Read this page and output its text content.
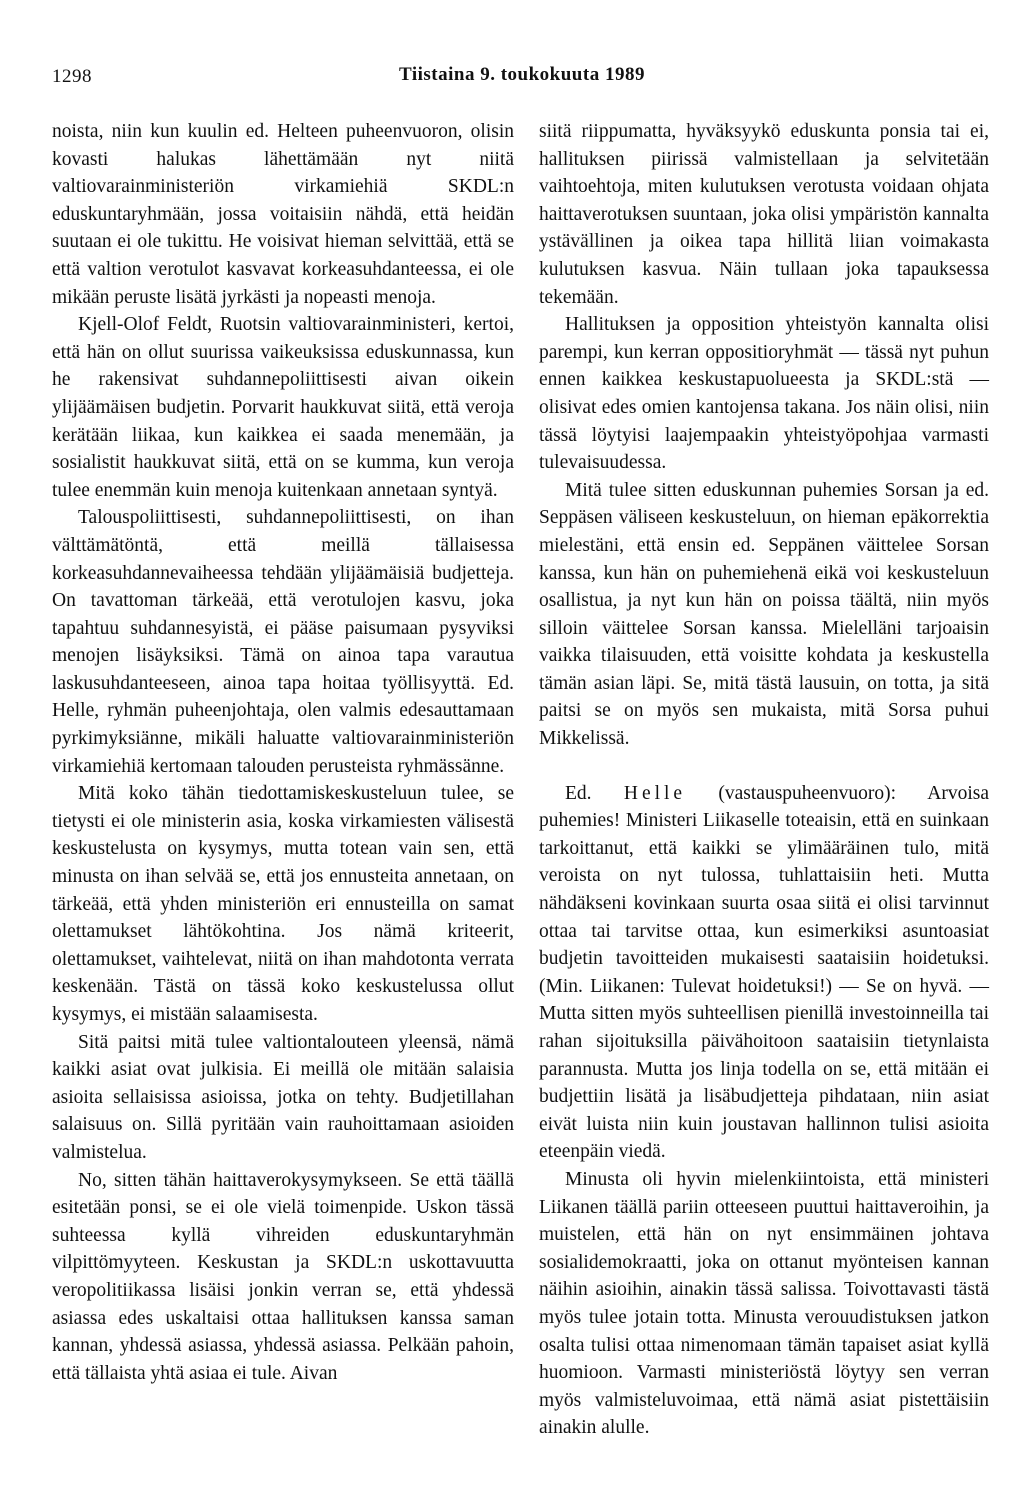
1298	Tiistaina 9. toukokuuta 1989

noista, niin kun kuulin ed. Helteen puheenvuoron, olisin kovasti halukas lähettämään nyt niitä valtiovarainministeriön virkamiehiä SKDL:n eduskuntaryhmään, jossa voitaisiin nähdä, että heidän suutaan ei ole tukittu. He voisivat hieman selvittää, että se että valtion verotulot kasvavat korkeasuhdanteessa, ei ole mikään peruste lisätä jyrkästi ja nopeasti menoja.

Kjell-Olof Feldt, Ruotsin valtiovarainministeri, kertoi, että hän on ollut suurissa vaikeuksissa eduskunnassa, kun he rakensivat suhdannepoliittisesti aivan oikein ylijäämäisen budjetin. Porvarit haukkuvat siitä, että veroja kerätään liikaa, kun kaikkea ei saada menemään, ja sosialistit haukkuvat siitä, että on se kumma, kun veroja tulee enemmän kuin menoja kuitenkaan annetaan syntyä.

Talouspoliittisesti, suhdannepoliittisesti, on ihan välttämätöntä, että meillä tällaisessa korkeasuhdannevaiheessa tehdään ylijäämäisiä budjetteja. On tavattoman tärkeää, että verotulojen kasvu, joka tapahtuu suhdannesyistä, ei pääse paisumaan pysyviksi menojen lisäyksiksi. Tämä on ainoa tapa varautua laskusuhdanteeseen, ainoa tapa hoitaa työllisyyttä. Ed. Helle, ryhmän puheenjohtaja, olen valmis edesauttamaan pyrkimyksiänne, mikäli haluatte valtiovarainministeriön virkamiehiä kertomaan talouden perusteista ryhmässänne.

Mitä koko tähän tiedottamiskeskusteluun tulee, se tietysti ei ole ministerin asia, koska virkamiesten välisestä keskustelusta on kysymys, mutta totean vain sen, että minusta on ihan selvää se, että jos ennusteita annetaan, on tärkeää, että yhden ministeriön eri ennusteilla on samat olettamukset lähtökohtina. Jos nämä kriteerit, olettamukset, vaihtelevat, niitä on ihan mahdotonta verrata keskenään. Tästä on tässä koko keskustelussa ollut kysymys, ei mistään salaamisesta.

Sitä paitsi mitä tulee valtiontalouteen yleensä, nämä kaikki asiat ovat julkisia. Ei meillä ole mitään salaisia asioita sellaisissa asioissa, jotka on tehty. Budjetillahan salaisuus on. Sillä pyritään vain rauhoittamaan asioiden valmistelua.

No, sitten tähän haittaverokysymykseen. Se että täällä esitetään ponsi, se ei ole vielä toimenpide. Uskon tässä suhteessa kyllä vihreiden eduskuntaryhmän vilpittömyyteen. Keskustan ja SKDL:n uskottavuutta veropolitiikassa lisäisi jonkin verran se, että yhdessä asiassa edes uskaltaisi ottaa hallituksen kanssa saman kannan, yhdessä asiassa, yhdessä asiassa. Pelkään pahoin, että tällaista yhtä asiaa ei tule. Aivan

siitä riippumatta, hyväksyykö eduskunta ponsia tai ei, hallituksen piirissä valmistellaan ja selvitetään vaihtoehtoja, miten kulutuksen verotusta voidaan ohjata haittaverotuksen suuntaan, joka olisi ympäristön kannalta ystävällinen ja oikea tapa hillitä liian voimakasta kulutuksen kasvua. Näin tullaan joka tapauksessa tekemään.

Hallituksen ja opposition yhteistyön kannalta olisi parempi, kun kerran oppositioryhmät — tässä nyt puhun ennen kaikkea keskustapuolueesta ja SKDL:stä — olisivat edes omien kantojensa takana. Jos näin olisi, niin tässä löytyisi laajempaakin yhteistyöpohjaa varmasti tulevaisuudessa.

Mitä tulee sitten eduskunnan puhemies Sorsan ja ed. Seppäsen väliseen keskusteluun, on hieman epäkorrektia mielestäni, että ensin ed. Seppänen väittelee Sorsan kanssa, kun hän on puhemiehenä eikä voi keskusteluun osallistua, ja nyt kun hän on poissa täältä, niin myös silloin väittelee Sorsan kanssa. Mielelläni tarjoaisin vaikka tilaisuuden, että voisitte kohdata ja keskustella tämän asian läpi. Se, mitä tästä lausuin, on totta, ja sitä paitsi se on myös sen mukaista, mitä Sorsa puhui Mikkelissä.

Ed. Helle (vastauspuheenvuoro): Arvoisa puhemies! Ministeri Liikaselle toteaisin, että en suinkaan tarkoittanut, että kaikki se ylimääräinen tulo, mitä veroista on nyt tulossa, tuhlattaisiin heti. Mutta nähdäkseni kovinkaan suurta osaa siitä ei olisi tarvinnut ottaa tai tarvitse ottaa, kun esimerkiksi asuntoasiat budjetin tavoitteiden mukaisesti saataisiin hoidetuksi. (Min. Liikanen: Tulevat hoidetuksi!) — Se on hyvä. — Mutta sitten myös suhteellisen pienillä investoinneilla tai rahan sijoituksilla päivähoitoon saataisiin tietynlaista parannusta. Mutta jos linja todella on se, että mitään ei budjettiin lisätä ja lisäbudjetteja pihdataan, niin asiat eivät luista niin kuin joustavan hallinnon tulisi asioita eteenpäin viedä.

Minusta oli hyvin mielenkiintoista, että ministeri Liikanen täällä pariin otteeseen puuttui haittaveroihin, ja muistelen, että hän on nyt ensimmäinen johtava sosialidemokraatti, joka on ottanut myönteisen kannan näihin asioihin, ainakin tässä salissa. Toivottavasti tästä myös tulee jotain totta. Minusta verouudistuksen jatkon osalta tulisi ottaa nimenomaan tämän tapaiset asiat kyllä huomioon. Varmasti ministeriöstä löytyy sen verran myös valmisteluvoimaa, että nämä asiat pistettäisiin ainakin alulle.
